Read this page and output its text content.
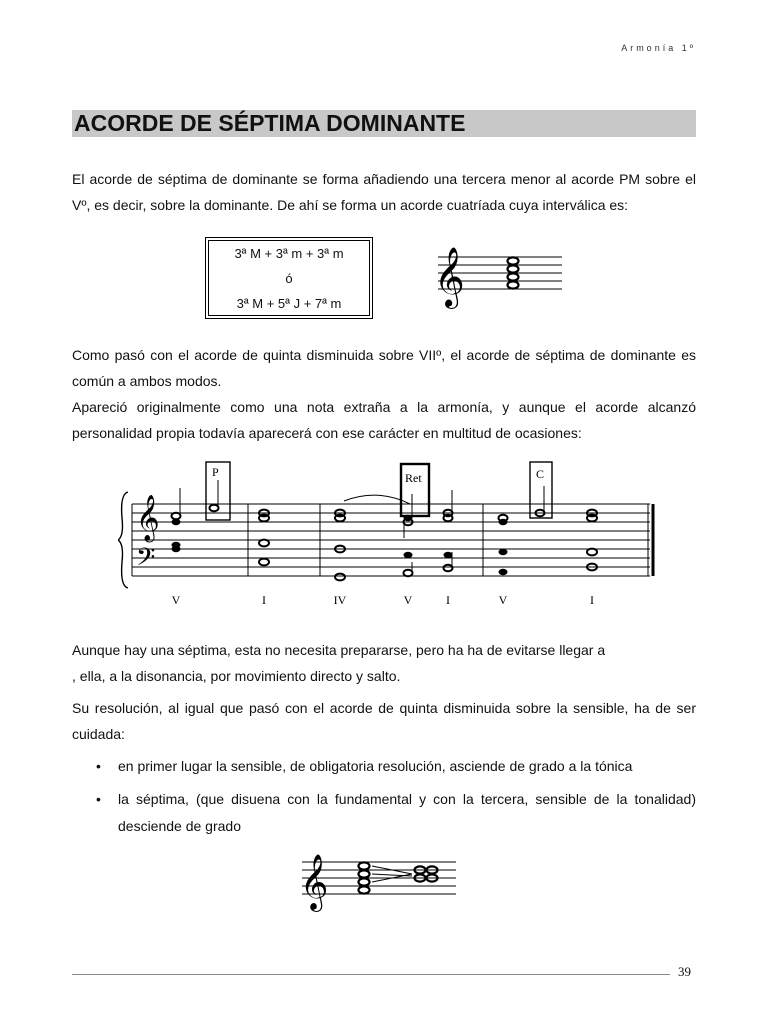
Armonía 1º
ACORDE DE SÉPTIMA DOMINANTE

El acorde de séptima de dominante se forma añadiendo una tercera menor al acorde PM sobre el Vº, es decir, sobre la dominante. De ahí se forma un acorde cuatríada cuya interválica es:

3ª M + 3ª m + 3ª m
ó
3ª M + 5ª J + 7ª m	𝄞

Como pasó con el acorde de quinta disminuida sobre VIIº, el acorde de séptima de dominante es común a ambos modos.

Apareció originalmente como una nota extraña a la armonía, y aunque el acorde alcanzó personalidad propia todavía aparecerá con ese carácter en multitud de ocasiones:

𝄞
𝄢
P	Ret	C
V	I	IV	V	I	V	I

Aunque hay una séptima, esta no necesita prepararse, pero ha ha de evitarse llegar a
, ella, a la disonancia, por movimiento directo y salto.

Su resolución, al igual que pasó con el acorde de quinta disminuida sobre la sensible, ha de ser cuidada:

• en primer lugar la sensible, de obligatoria resolución, asciende de grado a la tónica
• la séptima, (que disuena con la fundamental y con la tercera, sensible de la tonalidad) desciende de grado
𝄞
39
